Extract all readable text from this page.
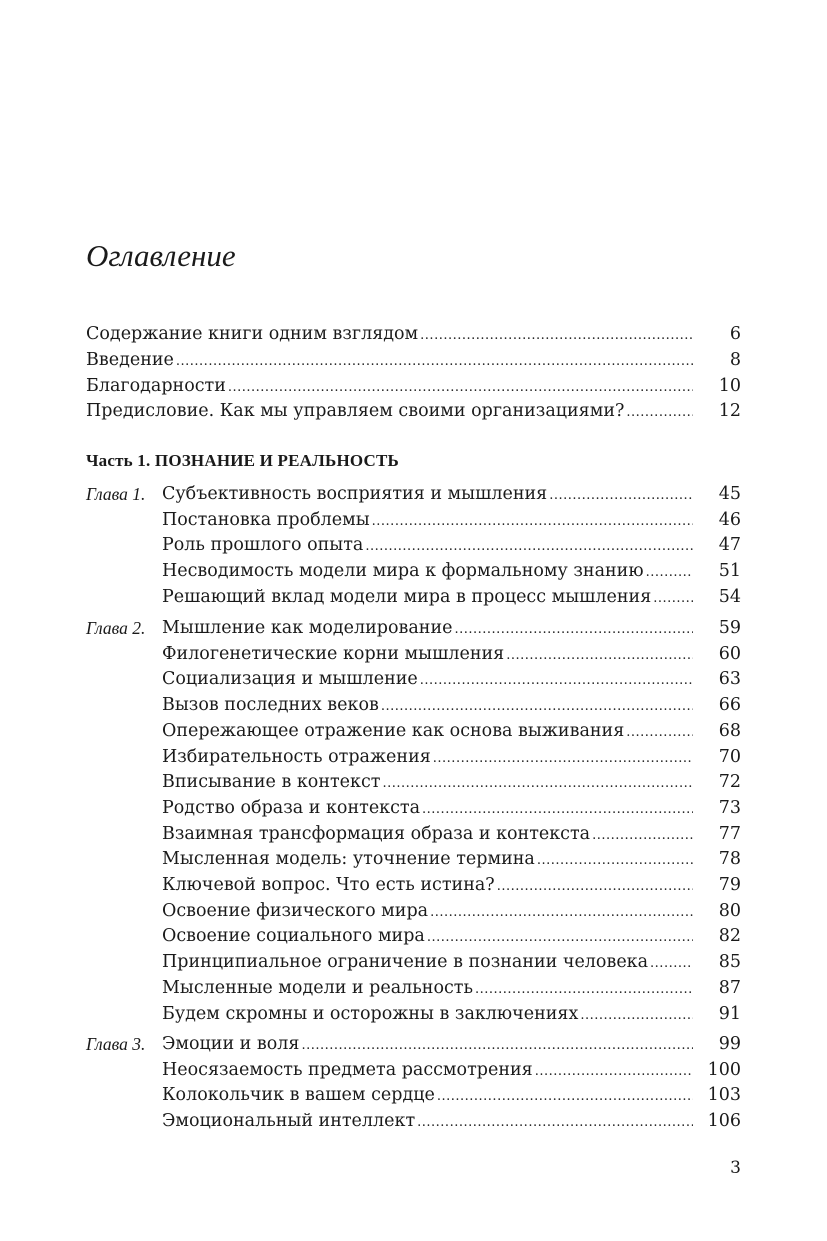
Оглавление
Содержание книги одним взглядом .....	6
Введение .....	8
Благодарности .....	10
Предисловие. Как мы управляем своими организациями? .....	12
Глава 1. Субъективность восприятия и мышления .....	45
Постановка проблемы .....	46
Роль прошлого опыта .....	47
Несводимость модели мира к формальному знанию .....	51
Решающий вклад модели мира в процесс мышления .....	54
Глава 2. Мышление как моделирование .....	59
Филогенетические корни мышления .....	60
Социализация и мышление .....	63
Вызов последних веков .....	66
Опережающее отражение как основа выживания .....	68
Избирательность отражения .....	70
Вписывание в контекст .....	72
Родство образа и контекста .....	73
Взаимная трансформация образа и контекста .....	77
Мысленная модель: уточнение термина .....	78
Ключевой вопрос. Что есть истина? .....	79
Освоение физического мира .....	80
Освоение социального мира .....	82
Принципиальное ограничение в познании человека .....	85
Мысленные модели и реальность .....	87
Будем скромны и осторожны в заключениях .....	91
Глава 3. Эмоции и воля .....	99
Неосязаемость предмета рассмотрения .....	100
Колокольчик в вашем сердце .....	103
Эмоциональный интеллект .....	106
Часть 1. ПОЗНАНИЕ И РЕАЛЬНОСТЬ
3
